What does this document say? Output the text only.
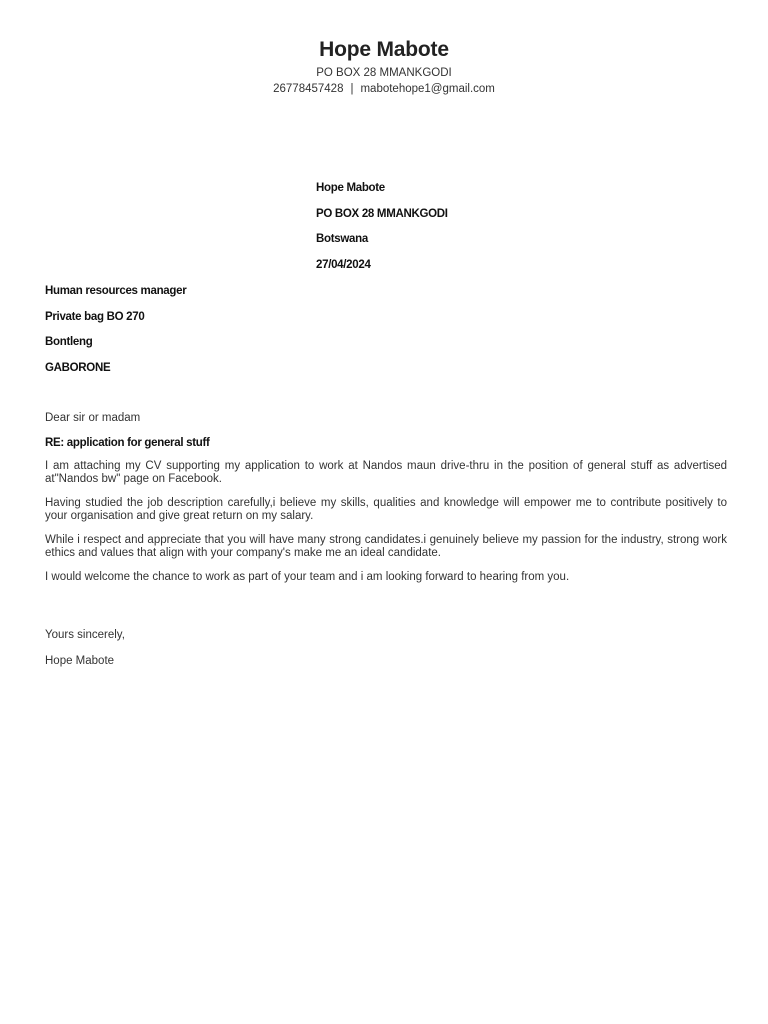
Hope Mabote
PO BOX 28 MMANKGODI
26778457428 | mabotehope1@gmail.com
Hope Mabote
PO BOX 28 MMANKGODI
Botswana
27/04/2024
Human resources manager
Private bag BO 270
Bontleng
GABORONE

Dear sir or madam

RE: application for general stuff

I am attaching my CV supporting my application to work at Nandos maun drive-thru in the position of general stuff as advertised at"Nandos bw" page on Facebook.

Having studied the job description carefully,i believe my skills, qualities and knowledge will empower me to contribute positively to your organisation and give great return on my salary.

While i respect and appreciate that you will have many strong candidates.i genuinely believe my passion for the industry, strong work ethics and values that align with your company's make me an ideal candidate.

I would welcome the chance to work as part of your team and i am looking forward to hearing from you.

Yours sincerely,
Hope Mabote
